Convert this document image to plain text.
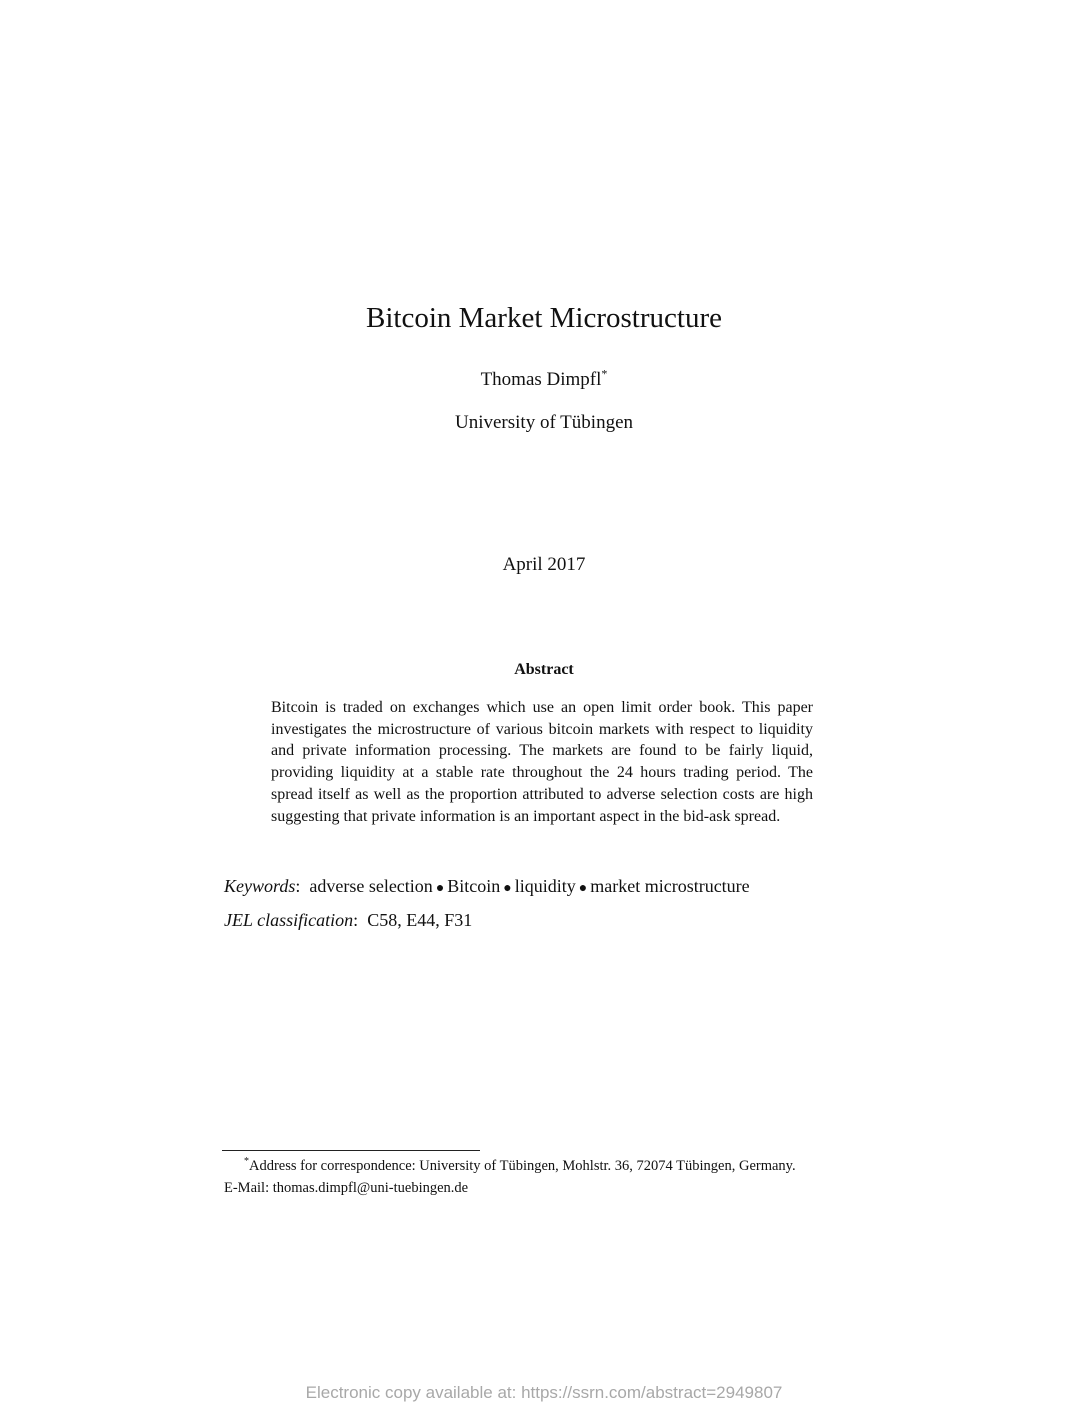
Bitcoin Market Microstructure
Thomas Dimpfl*
University of Tübingen
April 2017
Abstract
Bitcoin is traded on exchanges which use an open limit order book. This paper investigates the microstructure of various bitcoin markets with respect to liquidity and private information processing. The markets are found to be fairly liquid, providing liquidity at a stable rate throughout the 24 hours trading period. The spread itself as well as the proportion attributed to adverse selection costs are high suggesting that private information is an important aspect in the bid-ask spread.
Keywords:  adverse selection ● Bitcoin ● liquidity ● market microstructure
JEL classification:  C58, E44, F31
*Address for correspondence: University of Tübingen, Mohlstr. 36, 72074 Tübingen, Germany.
E-Mail: thomas.dimpfl@uni-tuebingen.de
Electronic copy available at: https://ssrn.com/abstract=2949807
